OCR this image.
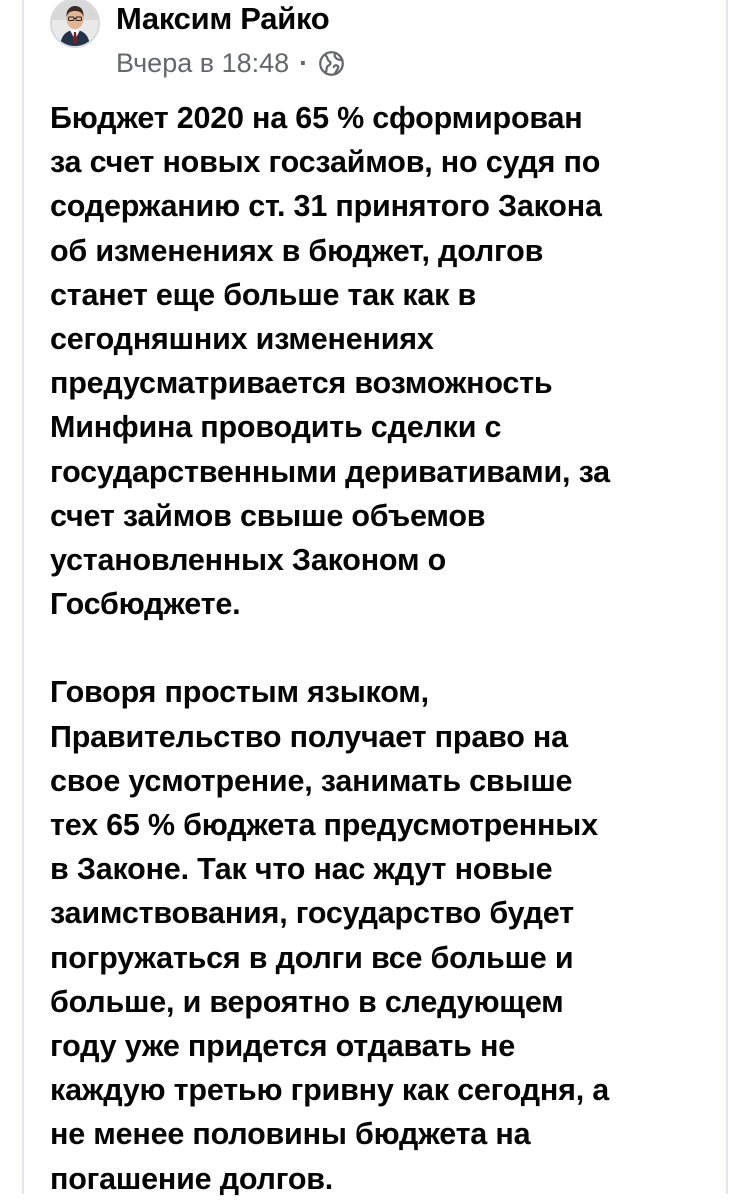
Максим Райко
Вчера в 18:48 ·

Бюджет 2020 на 65 % сформирован
за счет новых госзаймов, но судя по
содержанию ст. 31 принятого Закона
об изменениях в бюджет, долгов
станет еще больше так как в
сегодняшних изменениях
предусматривается возможность
Минфина проводить сделки с
государственными деривативами, за
счет займов свыше объемов
установленных Законом о
Госбюджете.

Говоря простым языком,
Правительство получает право на
свое усмотрение, занимать свыше
тех 65 % бюджета предусмотренных
в Законе. Так что нас ждут новые
заимствования, государство будет
погружаться в долги все больше и
больше, и вероятно в следующем
году уже придется отдавать не
каждую третью гривну как сегодня, а
не менее половины бюджета на
погашение долгов.
